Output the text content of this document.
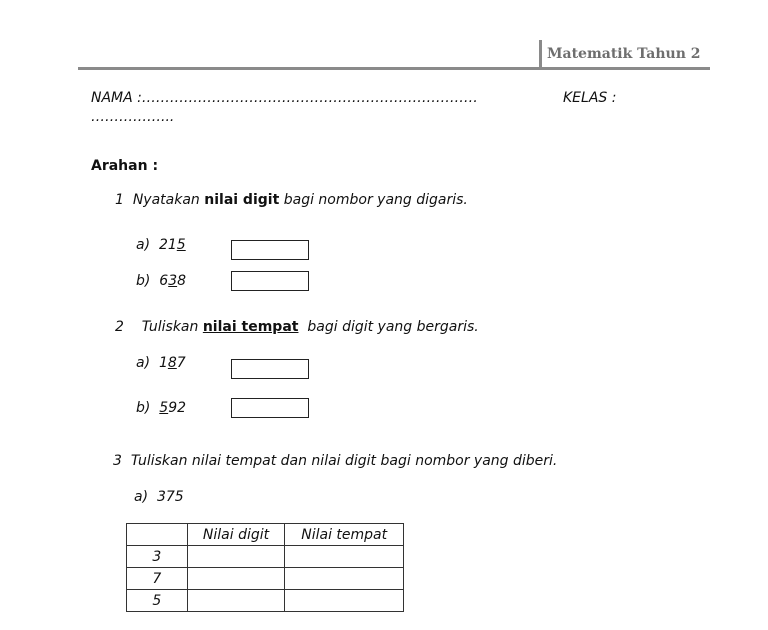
Matematik Tahun 2
NAMA :………………………………………………………………	KELAS :
……………...
Arahan :
1 Nyatakan nilai digit bagi nombor yang digaris.
a) 215
b) 638
2 Tuliskan nilai tempat bagi digit yang bergaris.
a) 187
b) 592
3 Tuliskan nilai tempat dan nilai digit bagi nombor yang diberi.
a) 375
	Nilai digit	Nilai tempat
3		
7		
5		
